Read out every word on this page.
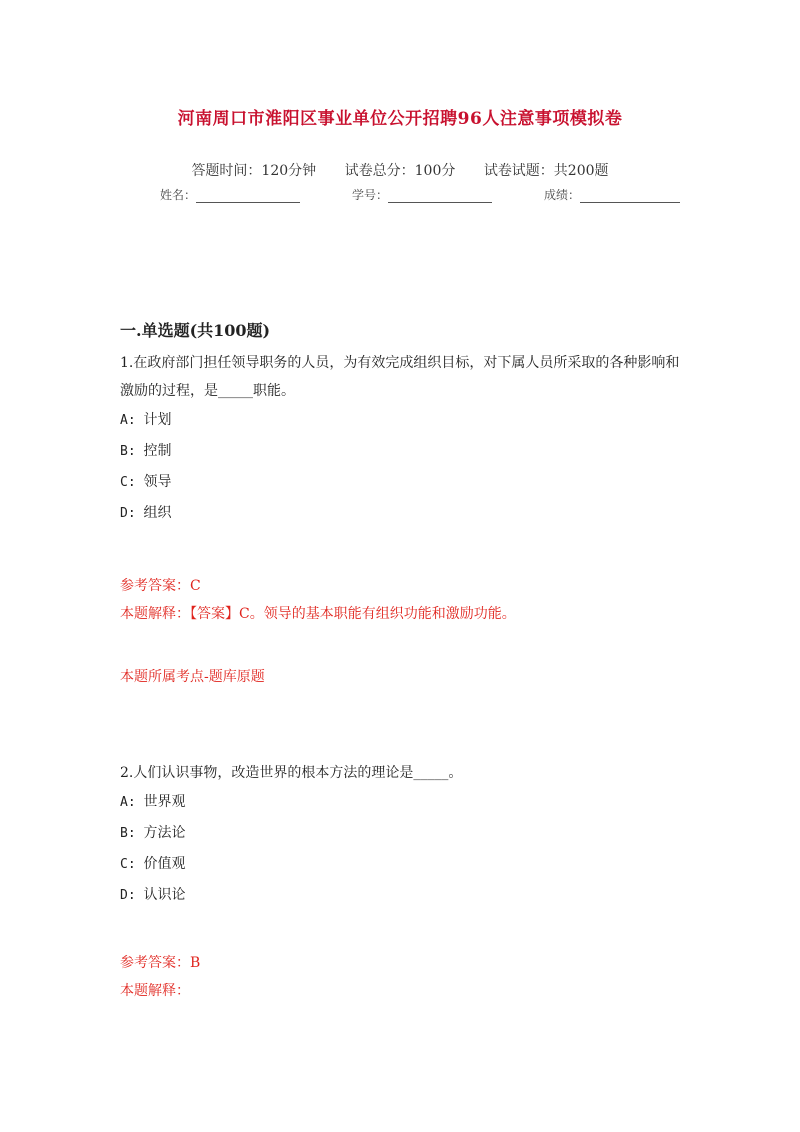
河南周口市淮阳区事业单位公开招聘96人注意事项模拟卷
答题时间：120分钟 试卷总分：100分 试卷试题：共200题
姓名：	学号：	成绩：
一.单选题(共100题)

1.在政府部门担任领导职务的人员，为有效完成组织目标，对下属人员所采取的各种影响和激励的过程，是_____职能。

A: 计划

B: 控制

C: 领导

D: 组织

参考答案：C

本题解释：【答案】C。领导的基本职能有组织功能和激励功能。

本题所属考点-题库原题

2.人们认识事物，改造世界的根本方法的理论是_____。

A: 世界观

B: 方法论

C: 价值观

D: 认识论

参考答案：B

本题解释：
